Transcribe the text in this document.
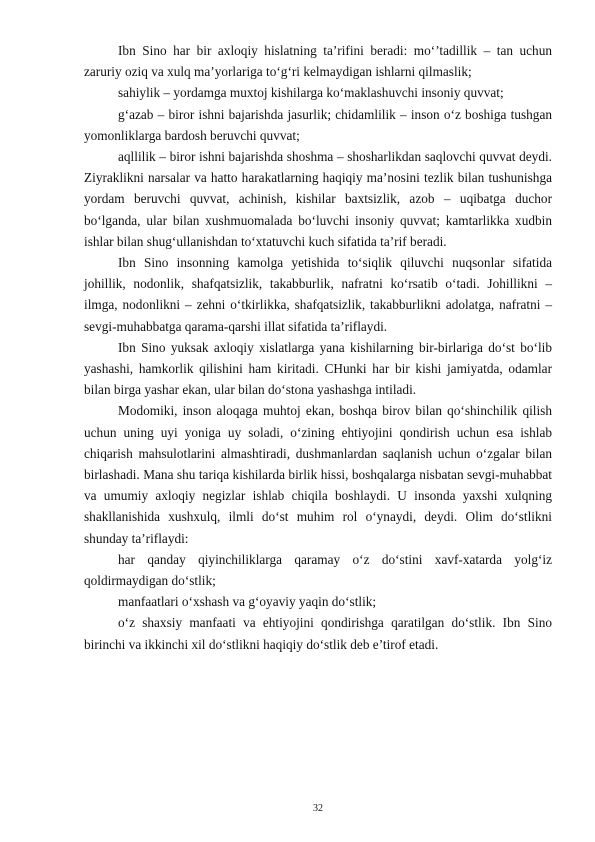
Ibn Sino har bir axloqiy hislatning ta’rifini beradi: mo‘’tadillik – tan uchun zaruriy oziq va xulq ma’yorlariga to‘g‘ri kelmaydigan ishlarni qilmaslik;

sahiylik – yordamga muxtoj kishilarga ko‘maklashuvchi insoniy quvvat;

g‘azab – biror ishni bajarishda jasurlik; chidamlilik – inson o‘z boshiga tushgan yomonliklarga bardosh beruvchi quvvat;

aqllilik – biror ishni bajarishda shoshma – shosharlikdan saqlovchi quvvat deydi. Ziyraklikni narsalar va hatto harakatlarning haqiqiy ma’nosini tezlik bilan tushunishga yordam beruvchi quvvat, achinish, kishilar baxtsizlik, azob – uqibatga duchor bo‘lganda, ular bilan xushmuomalada bo‘luvchi insoniy quvvat; kamtarlikka xudbin ishlar bilan shug‘ullanishdan to‘xtatuvchi kuch sifatida ta’rif beradi.

Ibn Sino insonning kamolga yetishida to‘siqlik qiluvchi nuqsonlar sifatida johillik, nodonlik, shafqatsizlik, takabburlik, nafratni ko‘rsatib o‘tadi. Johillikni – ilmga, nodonlikni – zehni o‘tkirlikka, shafqatsizlik, takabburlikni adolatga, nafratni – sevgi-muhabbatga qarama-qarshi illat sifatida ta’riflaydi.

Ibn Sino yuksak axloqiy xislatlarga yana kishilarning bir-birlariga do‘st bo‘lib yashashi, hamkorlik qilishini ham kiritadi. CHunki har bir kishi jamiyatda, odamlar bilan birga yashar ekan, ular bilan do‘stona yashashga intiladi.

Modomiki, inson aloqaga muhtoj ekan, boshqa birov bilan qo‘shinchilik qilish uchun uning uyi yoniga uy soladi, o‘zining ehtiyojini qondirish uchun esa ishlab chiqarish mahsulotlarini almashtiradi, dushmanlardan saqlanish uchun o‘zgalar bilan birlashadi. Mana shu tariqa kishilarda birlik hissi, boshqalarga nisbatan sevgi-muhabbat va umumiy axloqiy negizlar ishlab chiqila boshlaydi. U insonda yaxshi xulqning shakllanishida xushxulq, ilmli do‘st muhim rol o‘ynaydi, deydi. Olim do‘stlikni shunday ta’riflaydi:

har qanday qiyinchiliklarga qaramay o‘z do‘stini xavf-xatarda yolg‘iz qoldirmaydigan do‘stlik;

manfaatlari o‘xshash va g‘oyaviy yaqin do‘stlik;

o‘z shaxsiy manfaati va ehtiyojini qondirishga qaratilgan do‘stlik. Ibn Sino birinchi va ikkinchi xil do‘stlikni haqiqiy do‘stlik deb e’tirof etadi.

32
